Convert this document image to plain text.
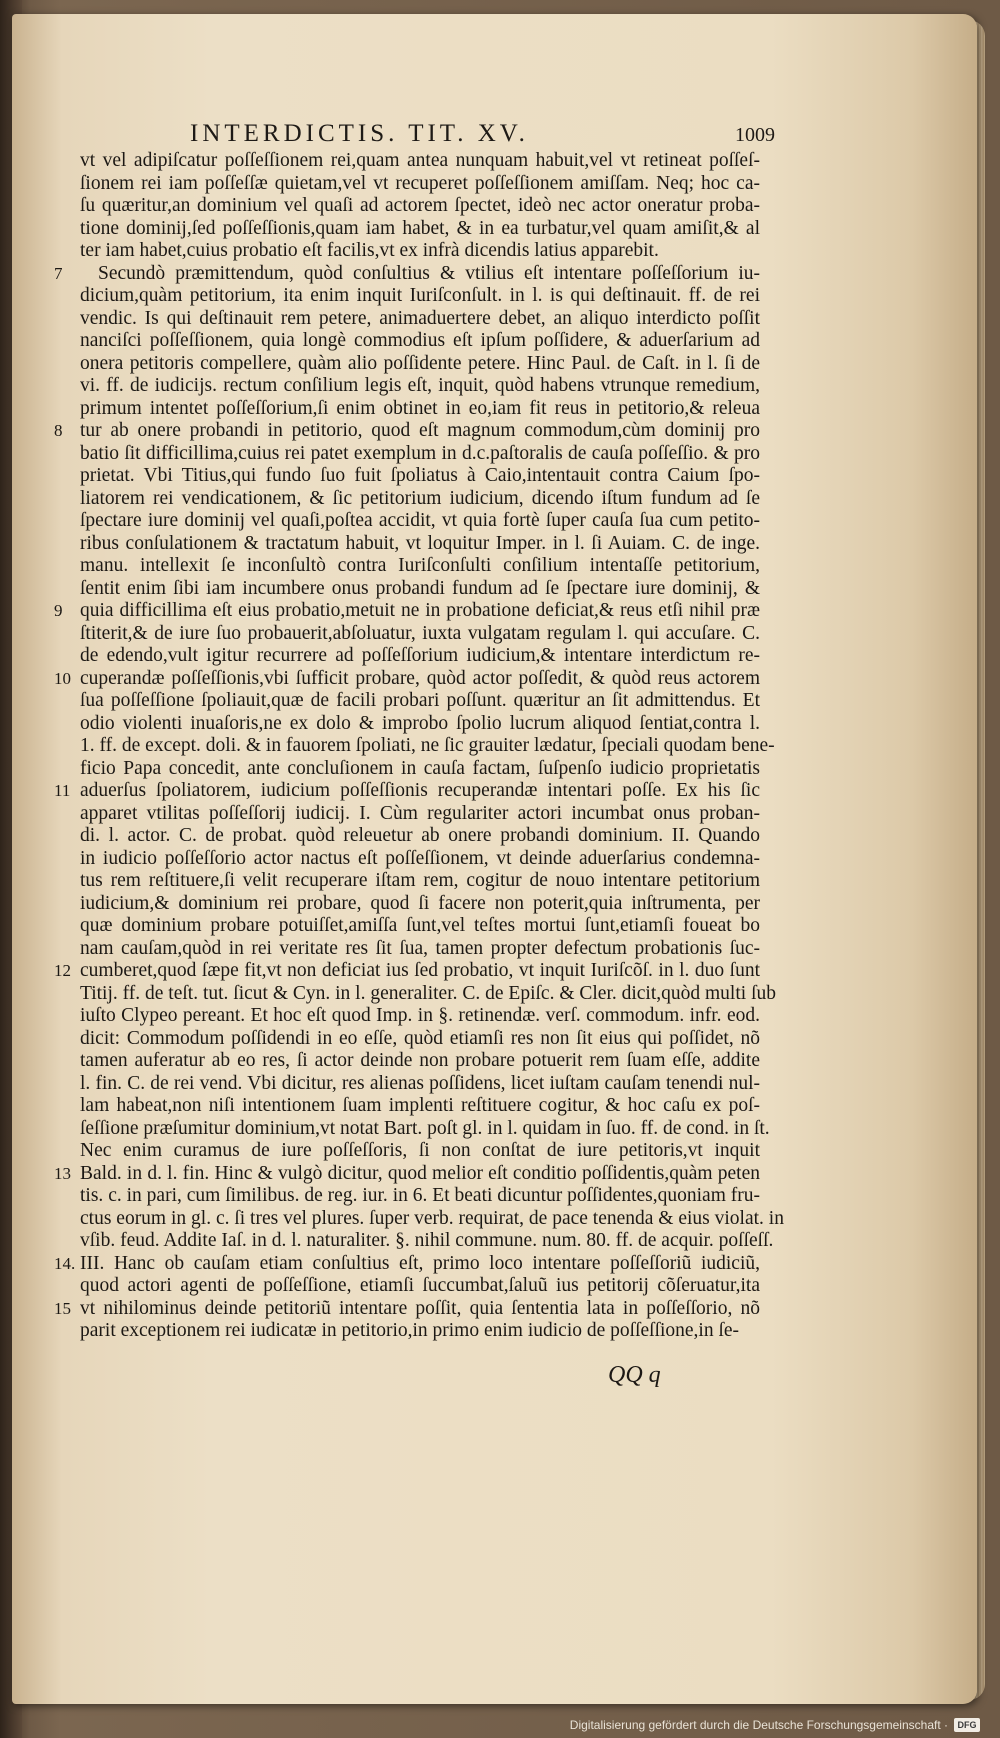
INTERDICTIS. TIT. XV.	1009
vt vel adipiſcatur poſſeſſionem rei,quam antea nunquam habuit,vel vt retineat poſſeſ-
ſionem rei iam poſſeſſæ quietam,vel vt recuperet poſſeſſionem amiſſam. Neq; hoc ca-
ſu quæritur,an dominium vel quaſi ad actorem ſpectet, ideò nec actor oneratur proba-
tione dominij,ſed poſſeſſionis,quam iam habet, & in ea turbatur,vel quam amiſit,& al
ter iam habet,cuius probatio eſt facilis,vt ex infrà dicendis latius apparebit.
7	Secundò præmittendum, quòd conſultius & vtilius eſt intentare poſſeſſorium iu-
dicium,quàm petitorium, ita enim inquit Iuriſconſult. in l. is qui deſtinauit. ff. de rei
vendic. Is qui deſtinauit rem petere, animaduertere debet, an aliquo interdicto poſſit
nanciſci poſſeſſionem, quia longè commodius eſt ipſum poſſidere, & aduerſarium ad
onera petitoris compellere, quàm alio poſſidente petere. Hinc Paul. de Caſt. in l. ſi de
vi. ff. de iudicijs. rectum conſilium legis eſt, inquit, quòd habens vtrunque remedium,
primum intentet poſſeſſorium,ſi enim obtinet in eo,iam fit reus in petitorio,& releua
8 tur ab onere probandi in petitorio, quod eſt magnum commodum,cùm dominij pro
batio ſit difficillima,cuius rei patet exemplum in d.c.paſtoralis de cauſa poſſeſſio. & pro
prietat. Vbi Titius,qui fundo ſuo fuit ſpoliatus à Caio,intentauit contra Caium ſpo-
liatorem rei vendicationem, & ſic petitorium iudicium, dicendo iſtum fundum ad ſe
ſpectare iure dominij vel quaſi,poſtea accidit, vt quia fortè ſuper cauſa ſua cum petito-
ribus conſulationem & tractatum habuit, vt loquitur Imper. in l. ſi Auiam. C. de inge.
manu. intellexit ſe inconſultò contra Iuriſconſulti conſilium intentaſſe petitorium,
ſentit enim ſibi iam incumbere onus probandi fundum ad ſe ſpectare iure dominij, &
9 quia difficillima eſt eius probatio,metuit ne in probatione deficiat,& reus etſi nihil præ
ſtiterit,& de iure ſuo probauerit,abſoluatur, iuxta vulgatam regulam l. qui accuſare. C.
de edendo,vult igitur recurrere ad poſſeſſorium iudicium,& intentare interdictum re-
10 cuperandæ poſſeſſionis,vbi ſufficit probare, quòd actor poſſedit, & quòd reus actorem
ſua poſſeſſione ſpoliauit,quæ de facili probari poſſunt. quæritur an ſit admittendus. Et
odio violenti inuaſoris,ne ex dolo & improbo ſpolio lucrum aliquod ſentiat,contra l.
1. ff. de except. doli. & in fauorem ſpoliati, ne ſic grauiter lædatur, ſpeciali quodam bene-
ficio Papa concedit, ante concluſionem in cauſa factam, ſuſpenſo iudicio proprietatis
11 aduerſus ſpoliatorem, iudicium poſſeſſionis recuperandæ intentari poſſe. Ex his ſic
apparet vtilitas poſſeſſorij iudicij. I. Cùm regulariter actori incumbat onus proban-
di. l. actor. C. de probat. quòd releuetur ab onere probandi dominium. II. Quando
in iudicio poſſeſſorio actor nactus eſt poſſeſſionem, vt deinde aduerſarius condemna-
tus rem reſtituere,ſi velit recuperare iſtam rem, cogitur de nouo intentare petitorium
iudicium,& dominium rei probare, quod ſi facere non poterit,quia inſtrumenta, per
quæ dominium probare potuiſſet,amiſſa ſunt,vel teſtes mortui ſunt,etiamſi foueat bo
nam cauſam,quòd in rei veritate res ſit ſua, tamen propter defectum probationis ſuc-
12 cumberet,quod ſæpe fit,vt non deficiat ius ſed probatio, vt inquit Iuriſcõſ. in l. duo ſunt
Titij. ff. de teſt. tut. ſicut & Cyn. in l. generaliter. C. de Epiſc. & Cler. dicit,quòd multi ſub
iuſto Clypeo pereant. Et hoc eſt quod Imp. in §. retinendæ. verſ. commodum. infr. eod.
dicit: Commodum poſſidendi in eo eſſe, quòd etiamſi res non ſit eius qui poſſidet, nõ
tamen auferatur ab eo res, ſi actor deinde non probare potuerit rem ſuam eſſe, addite
l. fin. C. de rei vend. Vbi dicitur, res alienas poſſidens, licet iuſtam cauſam tenendi nul-
lam habeat,non niſi intentionem ſuam implenti reſtituere cogitur, & hoc caſu ex poſ-
ſeſſione præſumitur dominium,vt notat Bart. poſt gl. in l. quidam in ſuo. ff. de cond. in ſt.
Nec enim curamus de iure poſſeſſoris, ſi non conſtat de iure petitoris,vt inquit
13 Bald. in d. l. fin. Hinc & vulgò dicitur, quod melior eſt conditio poſſidentis,quàm peten
tis. c. in pari, cum ſimilibus. de reg. iur. in 6. Et beati dicuntur poſſidentes,quoniam fru-
ctus eorum in gl. c. ſi tres vel plures. ſuper verb. requirat, de pace tenenda & eius violat. in
vſib. feud. Addite Iaſ. in d. l. naturaliter. §. nihil commune. num. 80. ff. de acquir. poſſeſſ.
14. III. Hanc ob cauſam etiam conſultius eſt, primo loco intentare poſſeſſoriũ iudiciũ,
quod actori agenti de poſſeſſione, etiamſi ſuccumbat,ſaluũ ius petitorij cõſeruatur,ita
15 vt nihilominus deinde petitoriũ intentare poſſit, quia ſententia lata in poſſeſſorio, nõ
parit exceptionem rei iudicatæ in petitorio,in primo enim iudicio de poſſeſſione,in ſe-
QQ q
Digitalisierung gefördert durch die Deutsche Forschungsgemeinschaft ·	DFG
